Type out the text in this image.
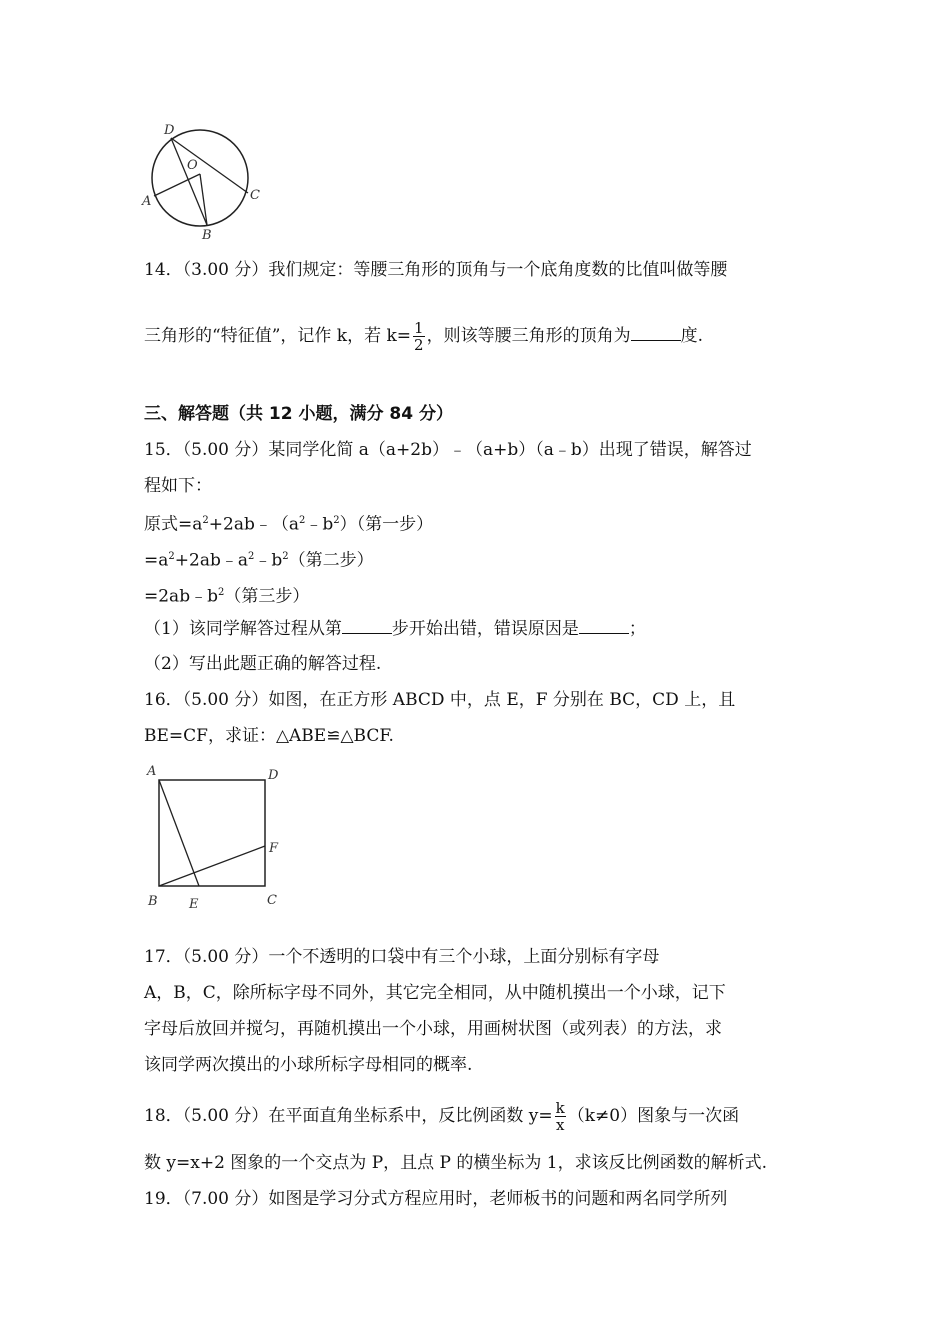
D
O
C
A
B
14．（3.00 分）我们规定：等腰三角形的顶角与一个底角度数的比值叫做等腰
三角形的“特征值”，记作 k，若 $k= \frac{1}{2}$ ，则该等腰三角形的顶角为	度.
三、解答题（共 12 小题，满分 84 分）
15．（5.00 分）某同学化简 a（a+2b）﹣（a+b）（a﹣b）出现了错误，解答过
程如下：
原式$=a^2+2ab﹣(a^2﹣b^2)$（第一步）
$=a^2+2ab﹣a^2﹣b^2$（第二步）
$=2ab﹣b^2$（第三步）
（1）该同学解答过程从第	步开始出错，错误原因是	；
（2）写出此题正确的解答过程.
16．（5.00 分）如图，在正方形 ABCD 中，点 E，F 分别在 BC，CD 上，且
BE=CF，求证：△ABE≌△BCF.
A	D
F
B E	C
17．（5.00 分）一个不透明的口袋中有三个小球，上面分别标有字母
A，B，C，除所标字母不同外，其它完全相同，从中随机摸出一个小球，记下
字母后放回并搅匀，再随机摸出一个小球，用画树状图（或列表）的方法，求
该同学两次摸出的小球所标字母相同的概率.
18．（5.00 分）在平面直角坐标系中，反比例函数 $y= \frac{k}{x} (k\ne 0)$图象与一次函
数 y=x+2 图象的一个交点为 P，且点 P 的横坐标为 1，求该反比例函数的解析式.
19．（7.00 分）如图是学习分式方程应用时，老师板书的问题和两名同学所列
